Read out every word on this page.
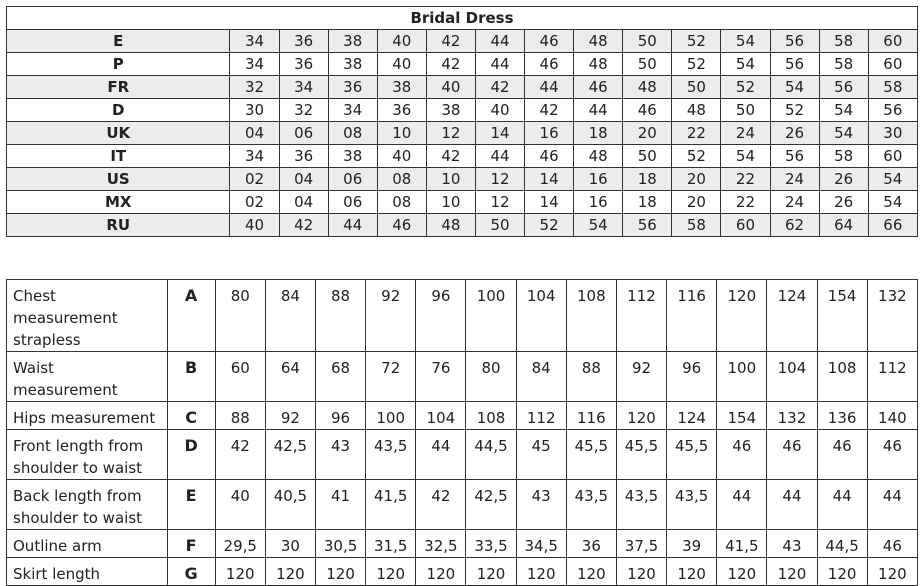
Bridal Dress														
E	34	36	38	40	42	44	46	48	50	52	54	56	58	60
P	34	36	38	40	42	44	46	48	50	52	54	56	58	60
FR	32	34	36	38	40	42	44	46	48	50	52	54	56	58
D	30	32	34	36	38	40	42	44	46	48	50	52	54	56
UK	04	06	08	10	12	14	16	18	20	22	24	26	54	30
IT	34	36	38	40	42	44	46	48	50	52	54	56	58	60
US	02	04	06	08	10	12	14	16	18	20	22	24	26	54
MX	02	04	06	08	10	12	14	16	18	20	22	24	26	54
RU	40	42	44	46	48	50	52	54	56	58	60	62	64	66
Chest measurement strapless	A	80	84	88	92	96	100	104	108	112	116	120	124	154	132
Waist measurement	B	60	64	68	72	76	80	84	88	92	96	100	104	108	112
Hips measurement	C	88	92	96	100	104	108	112	116	120	124	154	132	136	140
Front length from shoulder to waist	D	42	42,5	43	43,5	44	44,5	45	45,5	45,5	45,5	46	46	46	46
Back length from shoulder to waist	E	40	40,5	41	41,5	42	42,5	43	43,5	43,5	43,5	44	44	44	44
Outline arm	F	29,5	30	30,5	31,5	32,5	33,5	34,5	36	37,5	39	41,5	43	44,5	46
Skirt length	G	120	120	120	120	120	120	120	120	120	120	120	120	120	120
